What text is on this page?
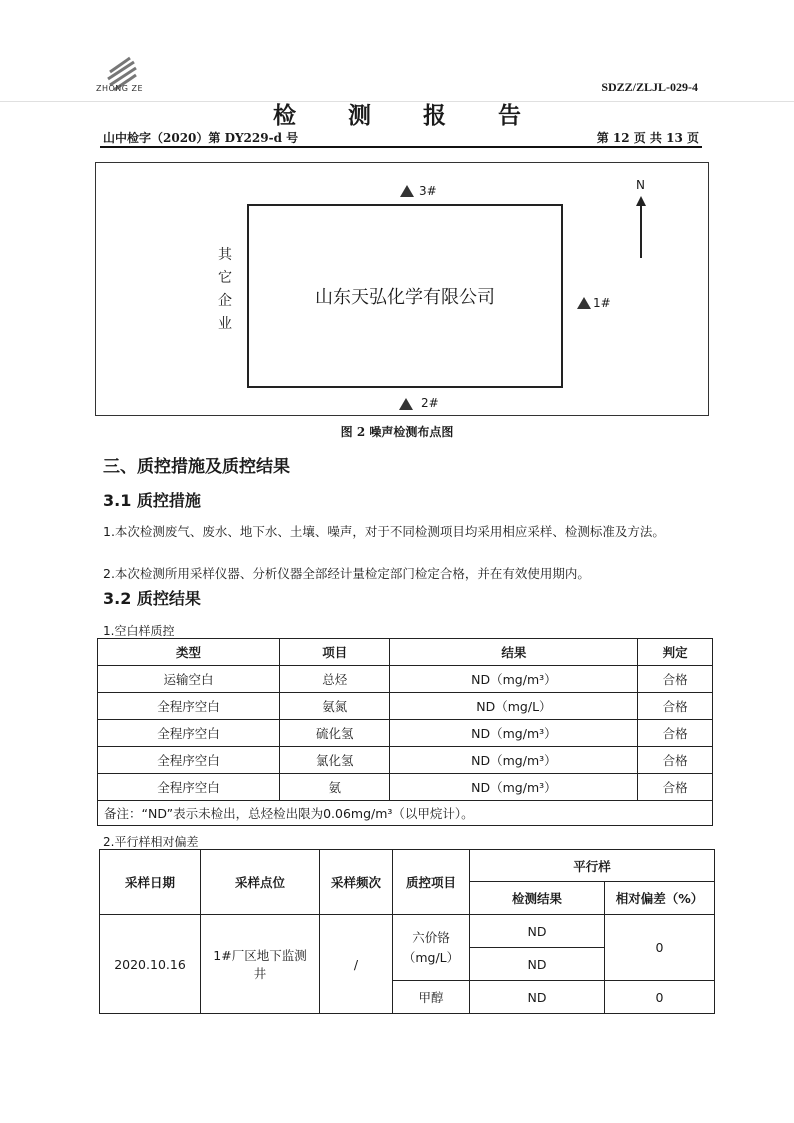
ZHONG ZE	SDZZ/ZLJL-029-4
检 测 报 告
山中检字（2020）第 DY229-d 号	第 12 页 共 13 页
山东天弘化学有限公司
其
它
企
业
3#
1#
2#
N
图 2 噪声检测布点图
三、质控措施及质控结果
3.1 质控措施
1.本次检测废气、废水、地下水、土壤、噪声，对于不同检测项目均采用相应采样、检测标准及方法。
2.本次检测所用采样仪器、分析仪器全部经计量检定部门检定合格，并在有效使用期内。
3.2 质控结果
1.空白样质控
类型	项目	结果	判定
运输空白	总烃	ND（mg/m³）	合格
全程序空白	氨氮	ND（mg/L）	合格
全程序空白	硫化氢	ND（mg/m³）	合格
全程序空白	氯化氢	ND（mg/m³）	合格
全程序空白	氨	ND（mg/m³）	合格
备注：“ND”表示未检出，总烃检出限为0.06mg/m³（以甲烷计）。			
2.平行样相对偏差
采样日期	采样点位	采样频次	质控项目	平行样	
				检测结果	相对偏差（%）
2020.10.16	1#厂区地下监测井	/	六价铬（mg/L）	ND	0
				ND	
			甲醇	ND	0
